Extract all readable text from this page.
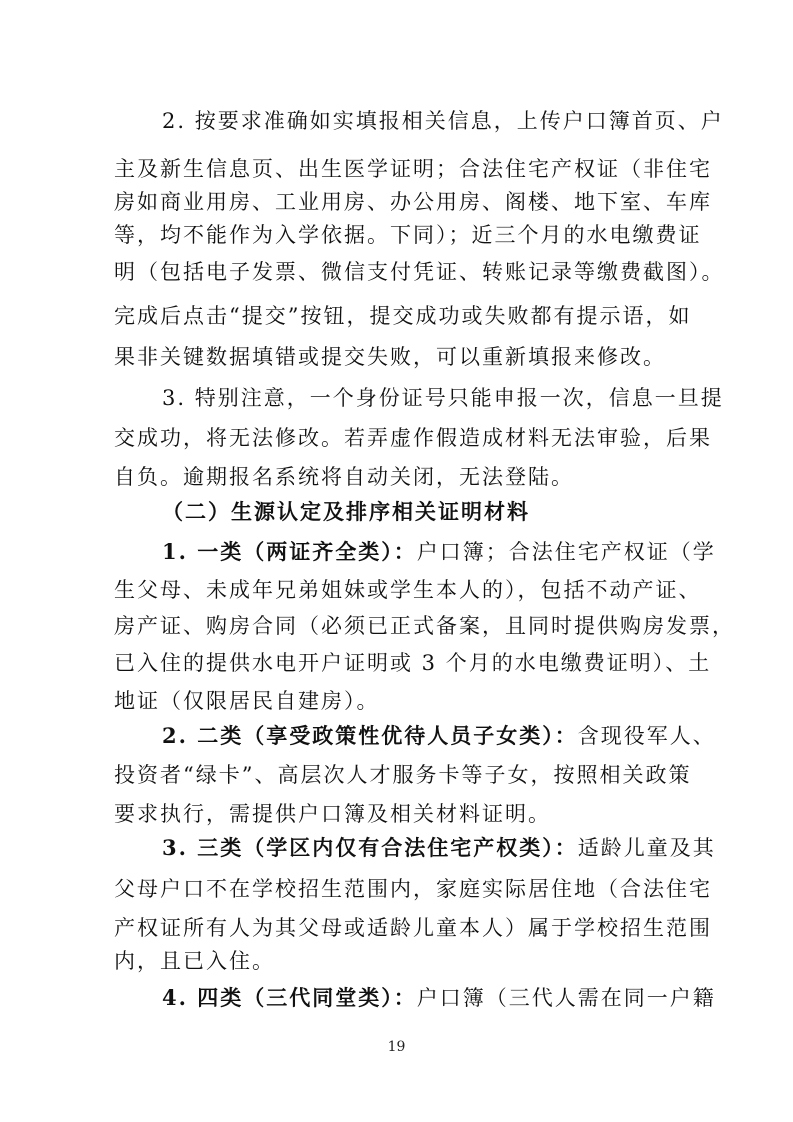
2. 按要求准确如实填报相关信息，上传户口簿首页、户
主及新生信息页、出生医学证明；合法住宅产权证（非住宅
房如商业用房、工业用房、办公用房、阁楼、地下室、车库
等，均不能作为入学依据。下同）；近三个月的水电缴费证
明（包括电子发票、微信支付凭证、转账记录等缴费截图）。
完成后点击“提交”按钮，提交成功或失败都有提示语，如
果非关键数据填错或提交失败，可以重新填报来修改。
3. 特别注意，一个身份证号只能申报一次，信息一旦提
交成功，将无法修改。若弄虚作假造成材料无法审验，后果
自负。逾期报名系统将自动关闭，无法登陆。
（二）生源认定及排序相关证明材料
1. 一类（两证齐全类）：户口簿；合法住宅产权证（学
生父母、未成年兄弟姐妹或学生本人的），包括不动产证、
房产证、购房合同（必须已正式备案，且同时提供购房发票，
已入住的提供水电开户证明或 3 个月的水电缴费证明）、土
地证（仅限居民自建房）。
2. 二类（享受政策性优待人员子女类）：含现役军人、
投资者“绿卡”、高层次人才服务卡等子女，按照相关政策
要求执行，需提供户口簿及相关材料证明。
3. 三类（学区内仅有合法住宅产权类）：适龄儿童及其
父母户口不在学校招生范围内，家庭实际居住地（合法住宅
产权证所有人为其父母或适龄儿童本人）属于学校招生范围
内，且已入住。
4. 四类（三代同堂类）：户口簿（三代人需在同一户籍
19
